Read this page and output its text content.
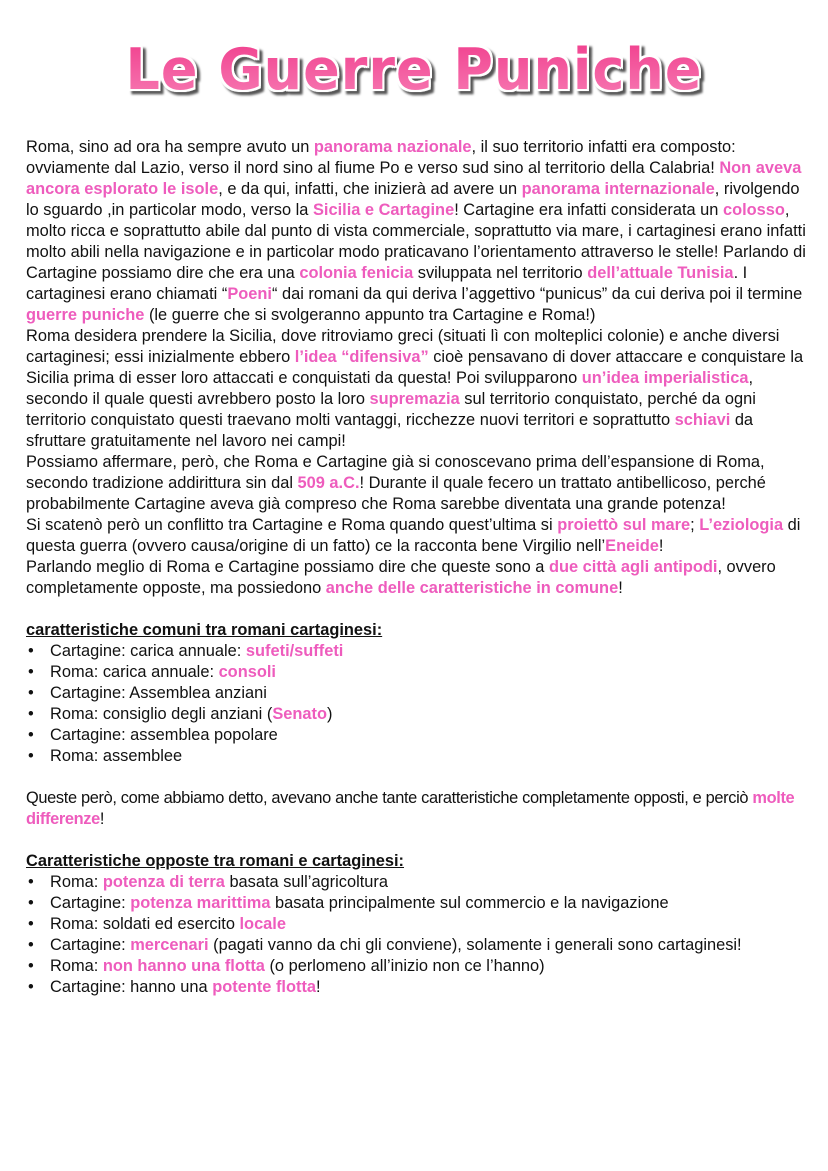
Le Guerre Puniche

Roma, sino ad ora ha sempre avuto un panorama nazionale, il suo territorio infatti era composto: ovviamente dal Lazio, verso il nord sino al fiume Po e verso sud sino al territorio della Calabria! Non aveva ancora esplorato le isole, e da qui, infatti, che inizierà ad avere un panorama internazionale, rivolgendo lo sguardo ,in particolar modo, verso la Sicilia e Cartagine! Cartagine era infatti considerata un colosso, molto ricca e soprattutto abile dal punto di vista commerciale, soprattutto via mare, i cartaginesi erano infatti molto abili nella navigazione e in particolar modo praticavano l’orientamento attraverso le stelle! Parlando di Cartagine possiamo dire che era una colonia fenicia sviluppata nel territorio dell’attuale Tunisia. I cartaginesi erano chiamati “Poeni“ dai romani da qui deriva l’aggettivo “punicus” da cui deriva poi il termine guerre puniche (le guerre che si svolgeranno appunto tra Cartagine e Roma!)

Roma desidera prendere la Sicilia, dove ritroviamo greci (situati lì con molteplici colonie) e anche diversi cartaginesi; essi inizialmente ebbero l’idea “difensiva” cioè pensavano di dover attaccare e conquistare la Sicilia prima di esser loro attaccati e conquistati da questa! Poi svilupparono un’idea imperialistica, secondo il quale questi avrebbero posto la loro supremazia sul territorio conquistato, perché da ogni territorio conquistato questi traevano molti vantaggi, ricchezze nuovi territori e soprattutto schiavi da sfruttare gratuitamente nel lavoro nei campi!

Possiamo affermare, però, che Roma e Cartagine già si conoscevano prima dell’espansione di Roma, secondo tradizione addirittura sin dal 509 a.C.! Durante il quale fecero un trattato antibellicoso, perché probabilmente Cartagine aveva già compreso che Roma sarebbe diventata una grande potenza!

Si scatenò però un conflitto tra Cartagine e Roma quando quest’ultima si proiettò sul mare; L’eziologia di questa guerra (ovvero causa/origine di un fatto) ce la racconta bene Virgilio nell’Eneide!

Parlando meglio di Roma e Cartagine possiamo dire che queste sono a due città agli antipodi, ovvero completamente opposte, ma possiedono anche delle caratteristiche in comune!

caratteristiche comuni tra romani cartaginesi:

• Cartagine: carica annuale: sufeti/suffeti
• Roma: carica annuale: consoli
• Cartagine: Assemblea anziani
• Roma: consiglio degli anziani (Senato)
• Cartagine: assemblea popolare
• Roma: assemblee

Queste però, come abbiamo detto, avevano anche tante caratteristiche completamente opposti, e perciò molte differenze!

Caratteristiche opposte tra romani e cartaginesi:

• Roma: potenza di terra basata sull’agricoltura
• Cartagine: potenza marittima basata principalmente sul commercio e la navigazione
• Roma: soldati ed esercito locale
• Cartagine: mercenari (pagati vanno da chi gli conviene), solamente i generali sono cartaginesi!
• Roma: non hanno una flotta (o perlomeno all’inizio non ce l’hanno)
• Cartagine: hanno una potente flotta!
